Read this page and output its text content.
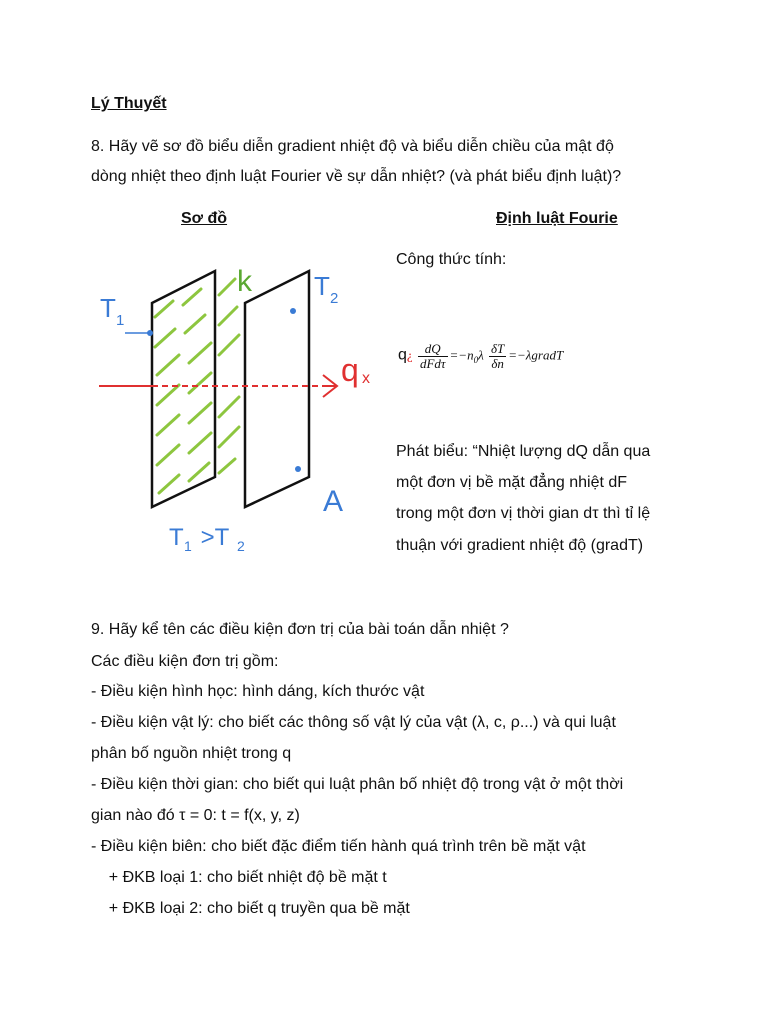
Lý Thuyết
8. Hãy vẽ sơ đồ biểu diễn gradient nhiệt độ và biểu diễn chiều của mật độ
dòng nhiệt theo định luật Fourier về sự dẫn nhiệt? (và phát biểu định luật)?
Sơ đồ	Định luật Fourie
T 1
T 2
k
q x
A
T 1 >T 2
Công thức tính:
q¿ $\frac{dQ}{\text{dFdτ}} =-n_0\lambda \frac{\delta T}{\delta n}$ =−λgradT
Phát biểu: “Nhiệt lượng dQ dẫn qua
một đơn vị bề mặt đẳng nhiệt dF
trong một đơn vị thời gian dτ thì tỉ lệ
thuận với gradient nhiệt độ (gradT)
9. Hãy kể tên các điều kiện đơn trị của bài toán dẫn nhiệt ?
Các điều kiện đơn trị gồm:
- Điều kiện hình học: hình dáng, kích thước vật
- Điều kiện vật lý: cho biết các thông số vật lý của vật (λ, c, ρ...) và qui luật
phân bố nguồn nhiệt trong q
- Điều kiện thời gian: cho biết qui luật phân bố nhiệt độ trong vật ở một thời
gian nào đó τ = 0: t = f(x, y, z)
- Điều kiện biên: cho biết đặc điểm tiến hành quá trình trên bề mặt vật
+ ĐKB loại 1: cho biết nhiệt độ bề mặt t
+ ĐKB loại 2: cho biết q truyền qua bề mặt
